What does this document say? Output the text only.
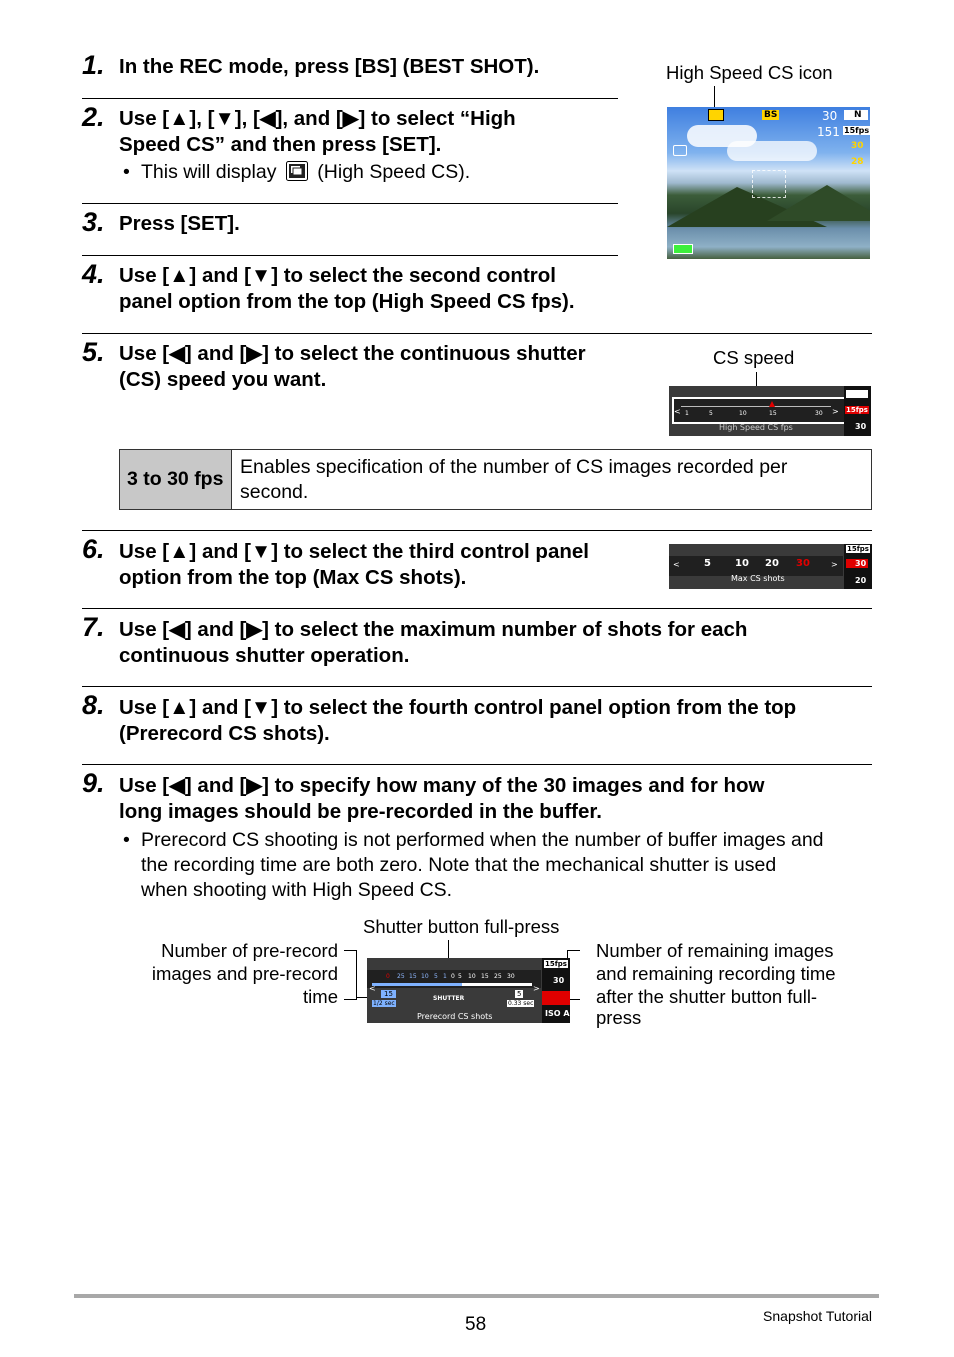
1. In the REC mode, press [BS] (BEST SHOT).
2. Use [▲], [▼], [◀], and [▶] to select “High
Speed CS” and then press [SET].
• This will display (High Speed CS).
3. Press [SET].
4. Use [▲] and [▼] to select the second control
panel option from the top (High Speed CS fps).
High Speed CS icon
BS	30	N
151 15fps
30
28
5. Use [◀] and [▶] to select the continuous shutter
(CS) speed you want.
CS speed
1	5	10	15	30
<	>
High Speed CS fps
15fps
30
3 to 30 fps	
Enables specification of the number of CS images recorded per
second.
6. Use [▲] and [▼] to select the third control panel
option from the top (Max CS shots).
5 10 20 30
<	>
Max CS shots
15fps
30
20
7. Use [◀] and [▶] to select the maximum number of shots for each
continuous shutter operation.
8. Use [▲] and [▼] to select the fourth control panel option from the top
(Prerecord CS shots).
9. Use [◀] and [▶] to specify how many of the 30 images and for how
long images should be pre-recorded in the buffer.
• Prerecord CS shooting is not performed when the number of buffer images and
the recording time are both zero. Note that the mechanical shutter is used
when shooting with High Speed CS.
Shutter button full-press
Number of pre-record
images and pre-record
time
Number of remaining images
and remaining recording time
after the shutter button full-
press
0 25 15 10 5 1 0 5 10 15 25 30
<	>
15
1/2 sec
SHUTTER
5
0.33 sec
Prerecord CS shots
15fps
30
ISO A
58	Snapshot Tutorial
